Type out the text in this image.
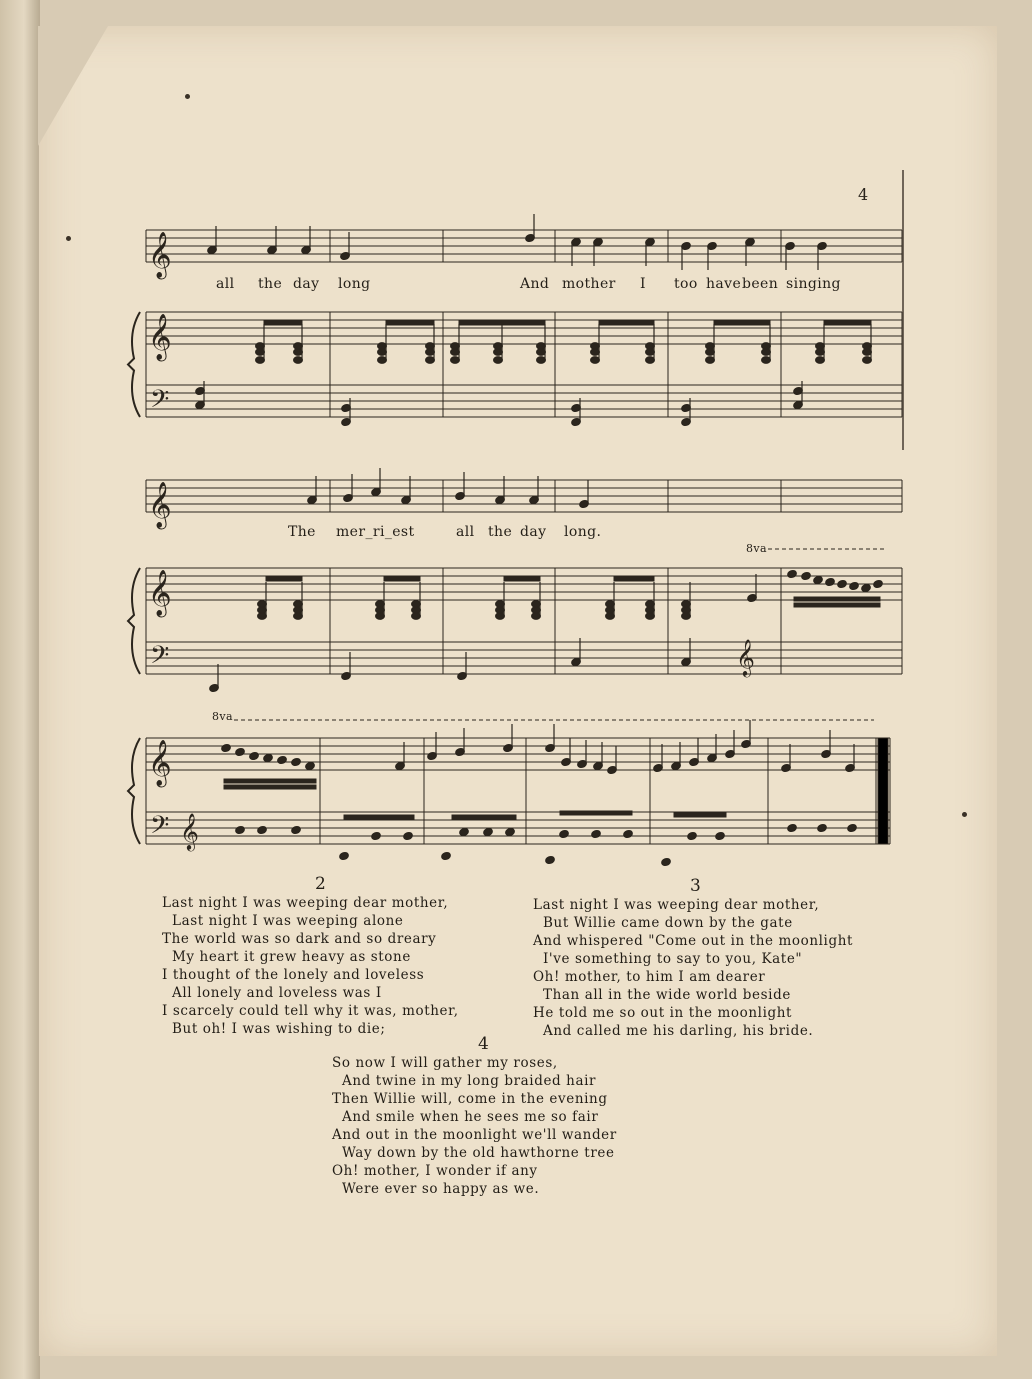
4
𝄞
𝄞
𝄢
𝄞
𝄞
𝄢	𝄞
𝄞
𝄢 𝄞
all the day long	And mother I too have been singing
The mer_ri_est	all the day long.
8va
8va
2
Last night I was weeping dear mother,
Last night I was weeping alone
The world was so dark and so dreary
My heart it grew heavy as stone
I thought of the lonely and loveless
All lonely and loveless was I
I scarcely could tell why it was, mother,
But oh! I was wishing to die;
3
Last night I was weeping dear mother,
But Willie came down by the gate
And whispered "Come out in the moonlight
I've something to say to you, Kate"
Oh! mother, to him I am dearer
Than all in the wide world beside
He told me so out in the moonlight
And called me his darling, his bride.
4
So now I will gather my roses,
And twine in my long braided hair
Then Willie will, come in the evening
And smile when he sees me so fair
And out in the moonlight we'll wander
Way down by the old hawthorne tree
Oh! mother, I wonder if any
Were ever so happy as we.
